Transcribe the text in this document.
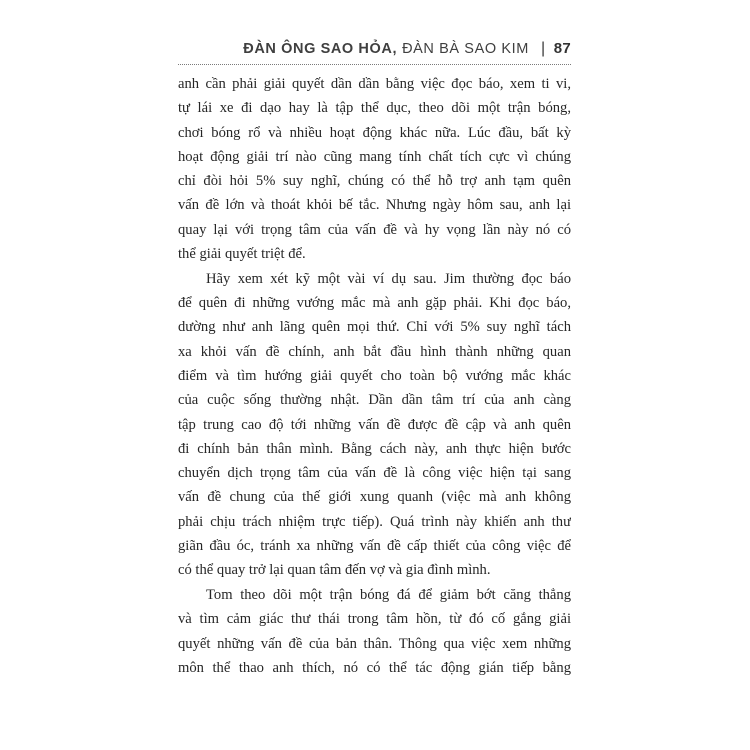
ĐÀN ÔNG SAO HỎA, ĐÀN BÀ SAO KIM | 87
anh cần phải giải quyết dần dần bằng việc đọc báo, xem ti vi,
tự lái xe đi dạo hay là tập thể dục, theo dõi một trận bóng,
chơi bóng rổ và nhiều hoạt động khác nữa. Lúc đầu, bất kỳ
hoạt động giải trí nào cũng mang tính chất tích cực vì chúng
chỉ đòi hỏi 5% suy nghĩ, chúng có thể hỗ trợ anh tạm quên
vấn đề lớn và thoát khỏi bế tắc. Nhưng ngày hôm sau, anh lại
quay lại với trọng tâm của vấn đề và hy vọng lần này nó có
thể giải quyết triệt để.
Hãy xem xét kỹ một vài ví dụ sau. Jim thường đọc báo
để quên đi những vướng mắc mà anh gặp phải. Khi đọc báo,
dường như anh lãng quên mọi thứ. Chỉ với 5% suy nghĩ tách
xa khỏi vấn đề chính, anh bắt đầu hình thành những quan
điểm và tìm hướng giải quyết cho toàn bộ vướng mắc khác
của cuộc sống thường nhật. Dần dần tâm trí của anh càng
tập trung cao độ tới những vấn đề được đề cập và anh quên
đi chính bản thân mình. Bằng cách này, anh thực hiện bước
chuyển dịch trọng tâm của vấn đề là công việc hiện tại sang
vấn đề chung của thế giới xung quanh (việc mà anh không
phải chịu trách nhiệm trực tiếp). Quá trình này khiến anh thư
giãn đầu óc, tránh xa những vấn đề cấp thiết của công việc để
có thể quay trở lại quan tâm đến vợ và gia đình mình.
Tom theo dõi một trận bóng đá để giảm bớt căng thẳng
và tìm cảm giác thư thái trong tâm hồn, từ đó cố gắng giải
quyết những vấn đề của bản thân. Thông qua việc xem những
môn thể thao anh thích, nó có thể tác động gián tiếp bằng
